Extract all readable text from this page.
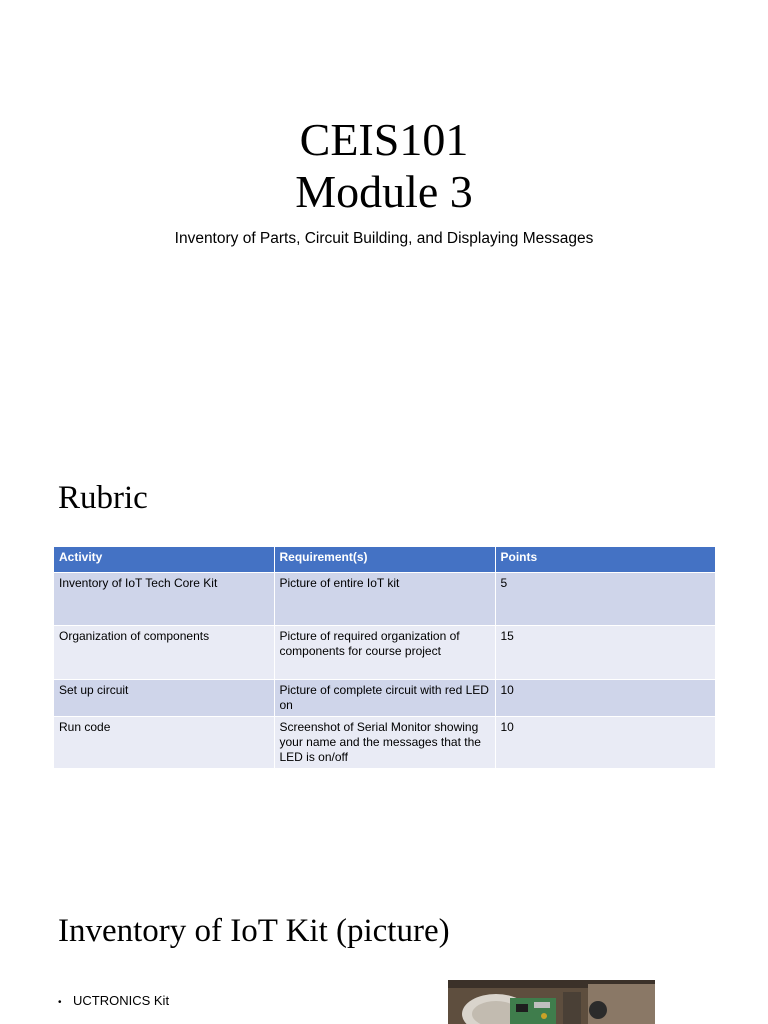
CEIS101
Module 3

Inventory of Parts, Circuit Building, and Displaying Messages

Rubric
Activity	Requirement(s)	Points
Inventory of IoT Tech Core Kit	Picture of entire IoT kit	5
Organization of components	Picture of required organization of components for course project	15
Set up circuit	Picture of complete circuit with red LED on	10
Run code	Screenshot of Serial Monitor showing your name and the messages that the LED is on/off	10
Inventory of IoT Kit (picture)
• UCTRONICS Kit
